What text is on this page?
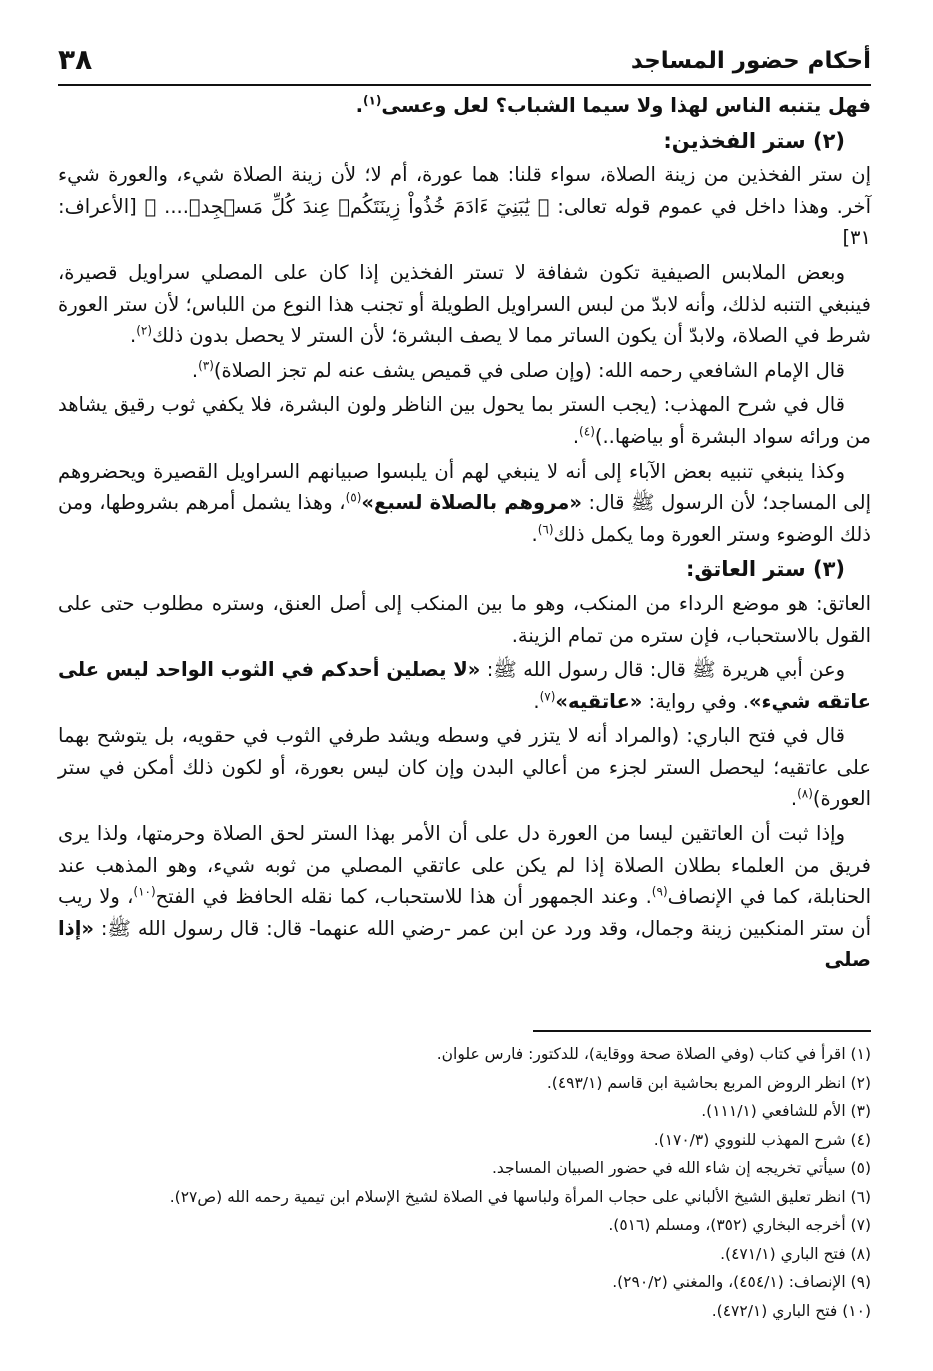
أحكام حضور المساجد
٣٨

فهل يتنبه الناس لهذا ولا سيما الشباب؟ لعل وعسى$^{(١)}$.

(٢) ستر الفخذين:

إن ستر الفخذين من زينة الصلاة، سواء قلنا: هما عورة، أم لا؛ لأن زينة الصلاة شيء، والعورة شيء آخر. وهذا داخل في عموم قوله تعالى: ﴿ يَٰبَنِيٓ ءَادَمَ خُذُواْ زِينَتَكُمۡ عِندَ كُلِّ مَسۡجِدٖ.... ﴾ [الأعراف: ٣١]

وبعض الملابس الصيفية تكون شفافة لا تستر الفخذين إذا كان على المصلي سراويل قصيرة، فينبغي التنبه لذلك، وأنه لابدّ من لبس السراويل الطويلة أو تجنب هذا النوع من اللباس؛ لأن ستر العورة شرط في الصلاة، ولابدّ أن يكون الساتر مما لا يصف البشرة؛ لأن الستر لا يحصل بدون ذلك$^{(٢)}$.

قال الإمام الشافعي رحمه الله: (وإن صلى في قميص يشف عنه لم تجز الصلاة)$^{(٣)}$.

قال في شرح المهذب: (يجب الستر بما يحول بين الناظر ولون البشرة، فلا يكفي ثوب رقيق يشاهد من ورائه سواد البشرة أو بياضها..)$^{(٤)}$.

وكذا ينبغي تنبيه بعض الآباء إلى أنه لا ينبغي لهم أن يلبسوا صبيانهم السراويل القصيرة ويحضروهم إلى المساجد؛ لأن الرسول ﷺ قال: «مروهم بالصلاة لسبع»$^{(٥)}$، وهذا يشمل أمرهم بشروطها، ومن ذلك الوضوء وستر العورة وما يكمل ذلك$^{(٦)}$.

(٣) ستر العاتق:

العاتق: هو موضع الرداء من المنكب، وهو ما بين المنكب إلى أصل العنق، وستره مطلوب حتى على القول بالاستحباب، فإن ستره من تمام الزينة.

وعن أبي هريرة ﷺ قال: قال رسول الله ﷺ: «لا يصلين أحدكم في الثوب الواحد ليس على عاتقه شيء». وفي رواية: «عاتقيه»$^{(٧)}$.

قال في فتح الباري: (والمراد أنه لا يتزر في وسطه ويشد طرفي الثوب في حقويه، بل يتوشح بهما على عاتقيه؛ ليحصل الستر لجزء من أعالي البدن وإن كان ليس بعورة، أو لكون ذلك أمكن في ستر العورة)$^{(٨)}$.

وإذا ثبت أن العاتقين ليسا من العورة دل على أن الأمر بهذا الستر لحق الصلاة وحرمتها، ولذا يرى فريق من العلماء بطلان الصلاة إذا لم يكن على عاتقي المصلي من ثوبه شيء، وهو المذهب عند الحنابلة، كما في الإنصاف$^{(٩)}$. وعند الجمهور أن هذا للاستحباب، كما نقله الحافظ في الفتح$^{(١٠)}$، ولا ريب أن ستر المنكبين زينة وجمال، وقد ورد عن ابن عمر -رضي الله عنهما- قال: قال رسول الله ﷺ: «إذا صلى

(١) اقرأ في كتاب (وفي الصلاة صحة ووقاية)، للدكتور: فارس علوان.
(٢) انظر الروض المربع بحاشية ابن قاسم (٤٩٣/١).
(٣) الأم للشافعي (١١١/١).
(٤) شرح المهذب للنووي (١٧٠/٣).
(٥) سيأتي تخريجه إن شاء الله في حضور الصبيان المساجد.
(٦) انظر تعليق الشيخ الألباني على حجاب المرأة ولباسها في الصلاة لشيخ الإسلام ابن تيمية رحمه الله (ص٢٧).
(٧) أخرجه البخاري (٣٥٢)، ومسلم (٥١٦).
(٨) فتح الباري (٤٧١/١).
(٩) الإنصاف: (٤٥٤/١)، والمغني (٢٩٠/٢).
(١٠) فتح الباري (٤٧٢/١).
